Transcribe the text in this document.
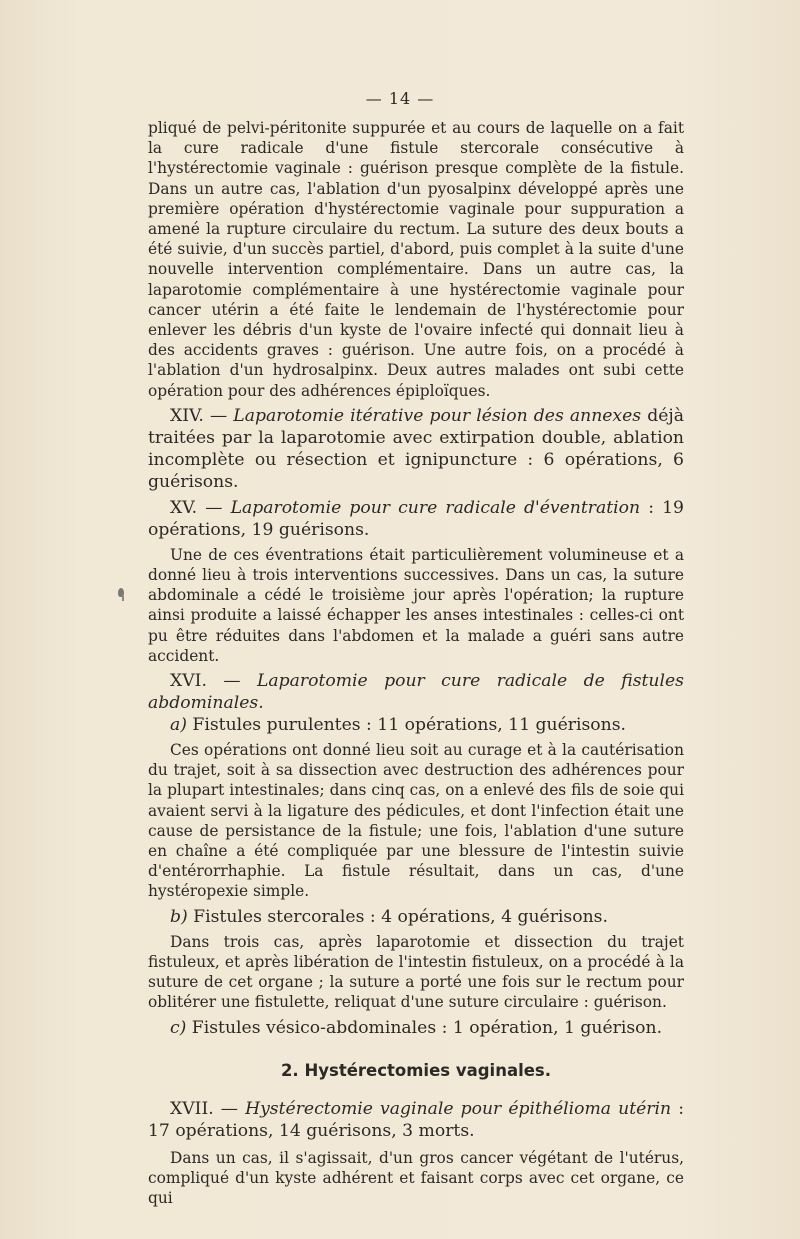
— 14 —

pliqué de pelvi-péritonite suppurée et au cours de laquelle on a fait la cure radicale d'une fistule stercorale consécutive à l'hystérectomie vaginale : guérison presque complète de la fistule. Dans un autre cas, l'ablation d'un pyosalpinx développé après une première opération d'hystérectomie vaginale pour suppuration a amené la rupture circulaire du rectum. La suture des deux bouts a été suivie, d'un succès partiel, d'abord, puis complet à la suite d'une nouvelle intervention complémentaire. Dans un autre cas, la laparotomie complémentaire à une hystérectomie vaginale pour cancer utérin a été faite le lendemain de l'hystérectomie pour enlever les débris d'un kyste de l'ovaire infecté qui donnait lieu à des accidents graves : guérison. Une autre fois, on a procédé à l'ablation d'un hydrosalpinx. Deux autres malades ont subi cette opération pour des adhérences épiploïques.

XIV. — Laparotomie itérative pour lésion des annexes déjà traitées par la laparotomie avec extirpation double, ablation incomplète ou résection et ignipuncture : 6 opérations, 6 guérisons.

XV. — Laparotomie pour cure radicale d'éventration : 19 opérations, 19 guérisons.

Une de ces éventrations était particulièrement volumineuse et a donné lieu à trois interventions successives. Dans un cas, la suture abdominale a cédé le troisième jour après l'opération; la rupture ainsi produite a laissé échapper les anses intestinales : celles-ci ont pu être réduites dans l'abdomen et la malade a guéri sans autre accident.

XVI. — Laparotomie pour cure radicale de fistules abdominales.

a) Fistules purulentes : 11 opérations, 11 guérisons.

Ces opérations ont donné lieu soit au curage et à la cautérisation du trajet, soit à sa dissection avec destruction des adhérences pour la plupart intestinales; dans cinq cas, on a enlevé des fils de soie qui avaient servi à la ligature des pédicules, et dont l'infection était une cause de persistance de la fistule; une fois, l'ablation d'une suture en chaîne a été compliquée par une blessure de l'intestin suivie d'entérorrhaphie. La fistule résultait, dans un cas, d'une hystéropexie simple.

b) Fistules stercorales : 4 opérations, 4 guérisons.

Dans trois cas, après laparotomie et dissection du trajet fistuleux, et après libération de l'intestin fistuleux, on a procédé à la suture de cet organe ; la suture a porté une fois sur le rectum pour oblitérer une fistulette, reliquat d'une suture circulaire : guérison.

c) Fistules vésico-abdominales : 1 opération, 1 guérison.

2. Hystérectomies vaginales.

XVII. — Hystérectomie vaginale pour épithélioma utérin : 17 opérations, 14 guérisons, 3 morts.

Dans un cas, il s'agissait, d'un gros cancer végétant de l'utérus, compliqué d'un kyste adhérent et faisant corps avec cet organe, ce qui
